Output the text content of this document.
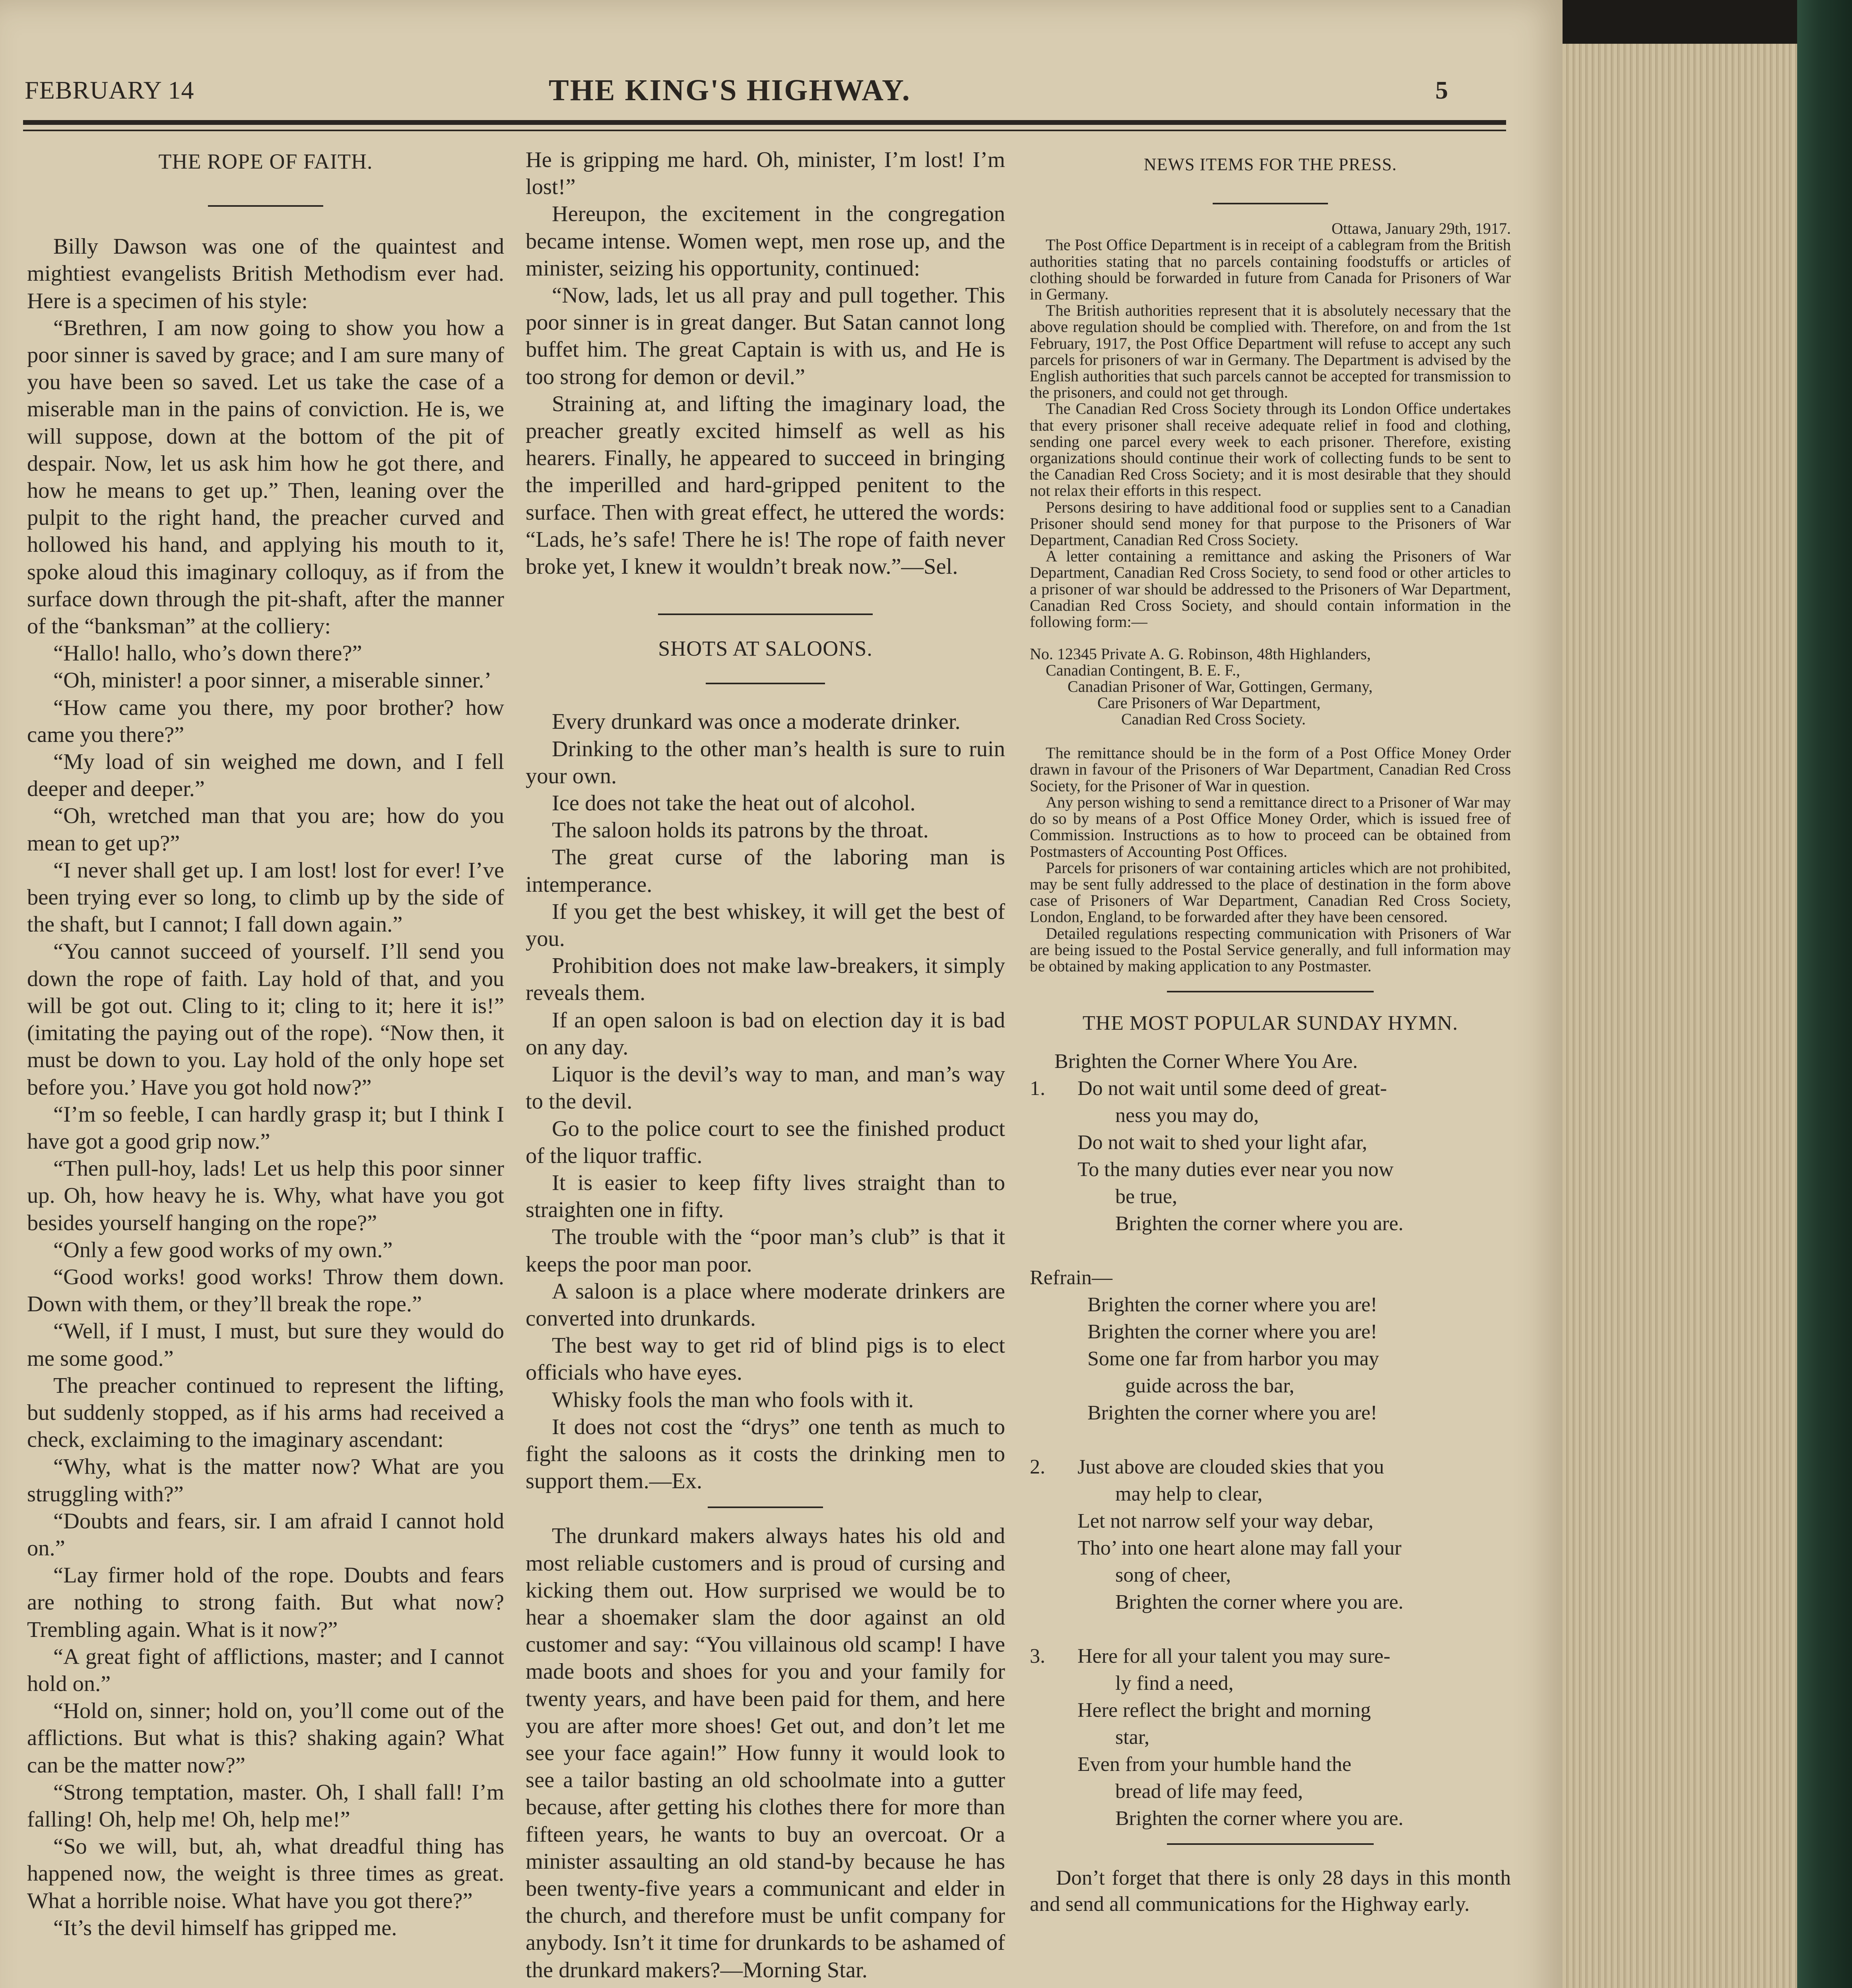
FEBRUARY 14	THE KING'S HIGHWAY.	5
THE ROPE OF FAITH.

Billy Dawson was one of the quaintest and mightiest evangelists British Methodism ever had. Here is a specimen of his style:

“Brethren, I am now going to show you how a poor sinner is saved by grace; and I am sure many of you have been so saved. Let us take the case of a miserable man in the pains of conviction. He is, we will suppose, down at the bottom of the pit of despair. Now, let us ask him how he got there, and how he means to get up.” Then, leaning over the pulpit to the right hand, the preacher curved and hollowed his hand, and applying his mouth to it, spoke aloud this imaginary colloquy, as if from the surface down through the pit-shaft, after the manner of the “banksman” at the colliery:

“Hallo! hallo, who’s down there?”

“Oh, minister! a poor sinner, a miserable sinner.’

“How came you there, my poor brother? how came you there?”

“My load of sin weighed me down, and I fell deeper and deeper.”

“Oh, wretched man that you are; how do you mean to get up?”

“I never shall get up. I am lost! lost for ever! I’ve been trying ever so long, to climb up by the side of the shaft, but I cannot; I fall down again.”

“You cannot succeed of yourself. I’ll send you down the rope of faith. Lay hold of that, and you will be got out. Cling to it; cling to it; here it is!” (imitating the paying out of the rope). “Now then, it must be down to you. Lay hold of the only hope set before you.’ Have you got hold now?”

“I’m so feeble, I can hardly grasp it; but I think I have got a good grip now.”

“Then pull-hoy, lads! Let us help this poor sinner up. Oh, how heavy he is. Why, what have you got besides yourself hanging on the rope?”

“Only a few good works of my own.”

“Good works! good works! Throw them down. Down with them, or they’ll break the rope.”

“Well, if I must, I must, but sure they would do me some good.”

The preacher continued to represent the lifting, but suddenly stopped, as if his arms had received a check, exclaiming to the imaginary ascendant:

“Why, what is the matter now? What are you struggling with?”

“Doubts and fears, sir. I am afraid I cannot hold on.”

“Lay firmer hold of the rope. Doubts and fears are nothing to strong faith. But what now? Trembling again. What is it now?”

“A great fight of afflictions, master; and I cannot hold on.”

“Hold on, sinner; hold on, you’ll come out of the afflictions. But what is this? shaking again? What can be the matter now?”

“Strong temptation, master. Oh, I shall fall! I’m falling! Oh, help me! Oh, help me!”

“So we will, but, ah, what dreadful thing has happened now, the weight is three times as great. What a horrible noise. What have you got there?”

“It’s the devil himself has gripped me.

He is gripping me hard. Oh, minister, I’m lost! I’m lost!”

Hereupon, the excitement in the congregation became intense. Women wept, men rose up, and the minister, seizing his opportunity, continued:

“Now, lads, let us all pray and pull together. This poor sinner is in great danger. But Satan cannot long buffet him. The great Captain is with us, and He is too strong for demon or devil.”

Straining at, and lifting the imaginary load, the preacher greatly excited himself as well as his hearers. Finally, he appeared to succeed in bringing the imperilled and hard-gripped penitent to the surface. Then with great effect, he uttered the words: “Lads, he’s safe! There he is! The rope of faith never broke yet, I knew it wouldn’t break now.”—Sel.

SHOTS AT SALOONS.

Every drunkard was once a moderate drinker.

Drinking to the other man’s health is sure to ruin your own.

Ice does not take the heat out of alcohol.

The saloon holds its patrons by the throat.

The great curse of the laboring man is intemperance.

If you get the best whiskey, it will get the best of you.

Prohibition does not make law-breakers, it simply reveals them.

If an open saloon is bad on election day it is bad on any day.

Liquor is the devil’s way to man, and man’s way to the devil.

Go to the police court to see the finished product of the liquor traffic.

It is easier to keep fifty lives straight than to straighten one in fifty.

The trouble with the “poor man’s club” is that it keeps the poor man poor.

A saloon is a place where moderate drinkers are converted into drunkards.

The best way to get rid of blind pigs is to elect officials who have eyes.

Whisky fools the man who fools with it.

It does not cost the “drys” one tenth as much to fight the saloons as it costs the drinking men to support them.—Ex.

The drunkard makers always hates his old and most reliable customers and is proud of cursing and kicking them out. How surprised we would be to hear a shoemaker slam the door against an old customer and say: “You villainous old scamp! I have made boots and shoes for you and your family for twenty years, and have been paid for them, and here you are after more shoes! Get out, and don’t let me see your face again!” How funny it would look to see a tailor basting an old schoolmate into a gutter because, after getting his clothes there for more than fifteen years, he wants to buy an overcoat. Or a minister assaulting an old stand-by because he has been twenty-five years a communicant and elder in the church, and therefore must be unfit company for anybody. Isn’t it time for drunkards to be ashamed of the drunkard makers?—Morning Star.

NEWS ITEMS FOR THE PRESS.
Ottawa, January 29th, 1917.

The Post Office Department is in receipt of a cablegram from the British authorities stating that no parcels containing foodstuffs or articles of clothing should be forwarded in future from Canada for Prisoners of War in Germany.

The British authorities represent that it is absolutely necessary that the above regulation should be complied with. Therefore, on and from the 1st February, 1917, the Post Office Department will refuse to accept any such parcels for prisoners of war in Germany. The Department is advised by the English authorities that such parcels cannot be accepted for transmission to the prisoners, and could not get through.

The Canadian Red Cross Society through its London Office undertakes that every prisoner shall receive adequate relief in food and clothing, sending one parcel every week to each prisoner. Therefore, existing organizations should continue their work of collecting funds to be sent to the Canadian Red Cross Society; and it is most desirable that they should not relax their efforts in this respect.

Persons desiring to have additional food or supplies sent to a Canadian Prisoner should send money for that purpose to the Prisoners of War Department, Canadian Red Cross Society.

A letter containing a remittance and asking the Prisoners of War Department, Canadian Red Cross Society, to send food or other articles to a prisoner of war should be addressed to the Prisoners of War Department, Canadian Red Cross Society, and should contain information in the following form:—

No. 12345 Private A. G. Robinson, 48th Highlanders,
Canadian Contingent, B. E. F.,
Canadian Prisoner of War, Gottingen, Germany,
Care Prisoners of War Department,
Canadian Red Cross Society.

The remittance should be in the form of a Post Office Money Order drawn in favour of the Prisoners of War Department, Canadian Red Cross Society, for the Prisoner of War in question.

Any person wishing to send a remittance direct to a Prisoner of War may do so by means of a Post Office Money Order, which is issued free of Commission. Instructions as to how to proceed can be obtained from Postmasters of Accounting Post Offices.

Parcels for prisoners of war containing articles which are not prohibited, may be sent fully addressed to the place of destination in the form above case of Prisoners of War Department, Canadian Red Cross Society, London, England, to be forwarded after they have been censored.

Detailed regulations respecting communication with Prisoners of War are being issued to the Postal Service generally, and full information may be obtained by making application to any Postmaster.

THE MOST POPULAR SUNDAY HYMN.
Brighten the Corner Where You Are.
1. Do not wait until some deed of great-
ness you may do,
Do not wait to shed your light afar,
To the many duties ever near you now
be true,
Brighten the corner where you are.
Refrain—
Brighten the corner where you are!
Brighten the corner where you are!
Some one far from harbor you may
guide across the bar,
Brighten the corner where you are!
2. Just above are clouded skies that you
may help to clear,
Let not narrow self your way debar,
Tho’ into one heart alone may fall your
song of cheer,
Brighten the corner where you are.
3. Here for all your talent you may sure-
ly find a need,
Here reflect the bright and morning
star,
Even from your humble hand the
bread of life may feed,
Brighten the corner where you are.

Don’t forget that there is only 28 days in this month and send all communications for the Highway early.
